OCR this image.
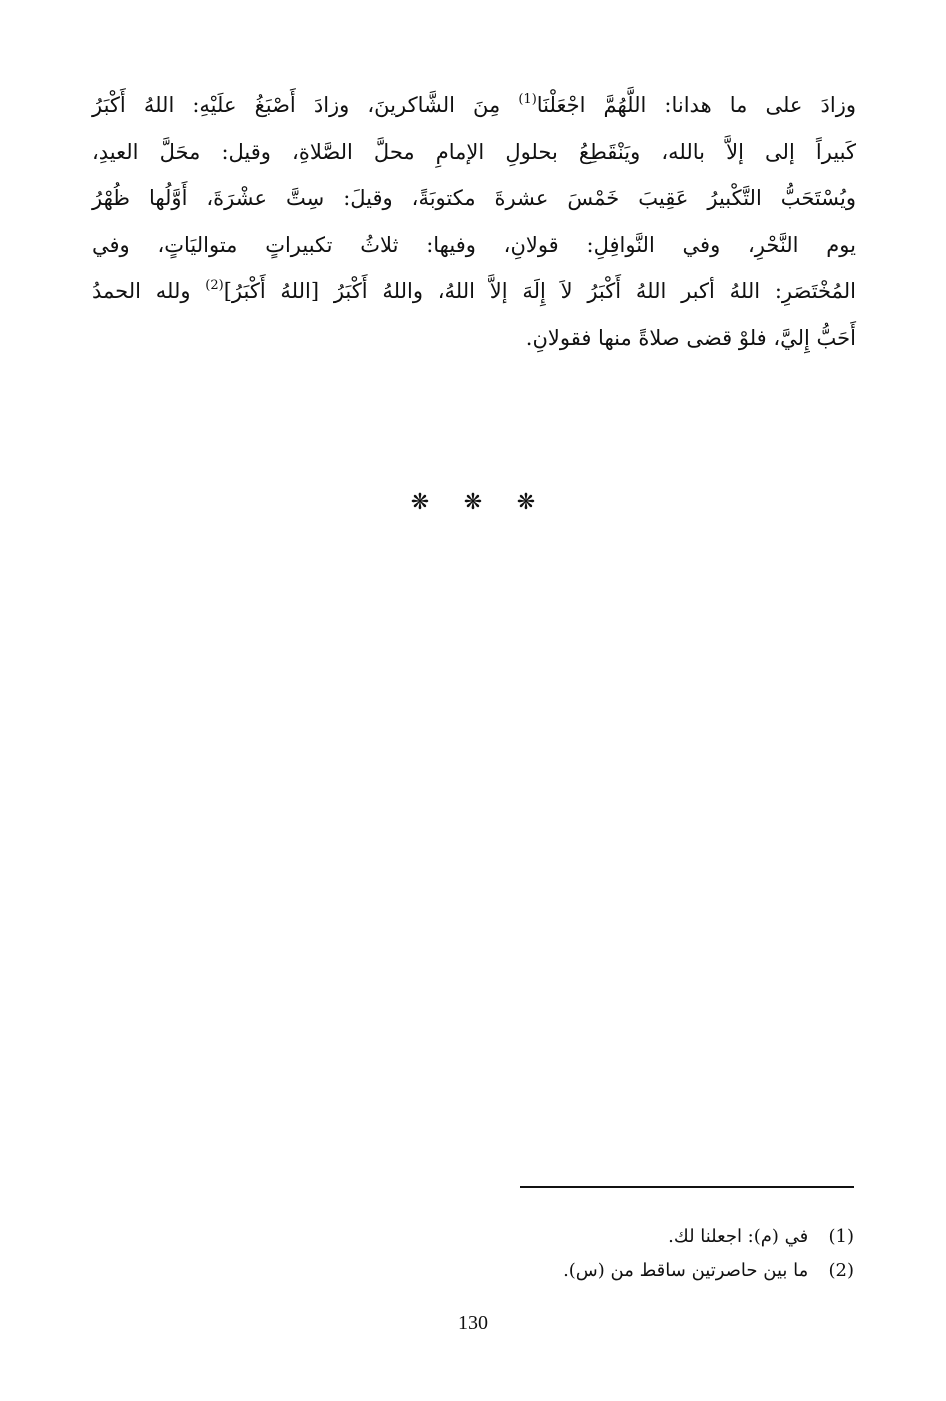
وزادَ على ما هدانا: اللَّهُمَّ اجْعَلْنَا$^{(1)}$ مِنَ الشَّاكرينَ، وزادَ أَصْبَغُ علَيْهِ: اللهُ أَكْبَرُ
كَبيراً إلى إلاَّ بالله، ويَنْقَطِعُ بحلولِ الإمامِ محلَّ الصَّلاةِ، وقيل: محَلَّ العيدِ،
ويُسْتَحَبُّ التَّكْبيرُ عَقِيبَ خَمْسَ عشرةَ مكتوبَةً، وقيلَ: سِتَّ عشْرَةَ، أَوَّلُها ظُهْرُ
يوم النَّحْرِ، وفي النَّوافِلِ: قولانِ، وفيها: ثلاثُ تكبيراتٍ متواليَاتٍ، وفي
المُخْتَصَرِ: اللهُ أكبر اللهُ أَكْبَرُ لاَ إِلَهَ إلاَّ اللهُ، واللهُ أَكْبَرُ [اللهُ أَكْبَرُ]$^{(2)}$ ولله الحمدُ
أَحَبُّ إِليَّ، فلوْ قضى صلاةً منها فقولانِ.
❋ ❋ ❋
(1) في (م): اجعلنا لك.
(2) ما بين حاصرتين ساقط من (س).
130
